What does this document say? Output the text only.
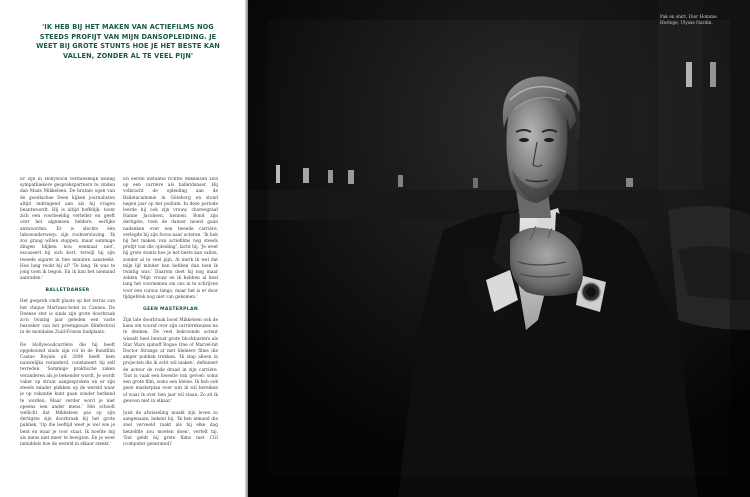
'IK HEB BIJ HET MAKEN VAN ACTIEFILMS NOG STEEDS PROFIJT VAN MIJN DANSOPLEIDING. JE WEET BIJ GROTE STUNTS HOE JE HET BESTE KAN VALLEN, ZONDER AL TE VEEL PIJN'

Er zijn in Hollywood vermoedelijk weinig sympathiekere gesprekspartners te vinden dan Mads Mikkelsen. De brutale ogen van de goedlachse Deen kijken journalisten altijd indringend aan als hij vragen beantwoordt. Hij is altijd hoffelijk, toont zich een voorbeeldig verteller en geeft over het algemeen heldere, eerlijke antwoorden. Er is slechts één taboeonderwerp: zijn rookverslaving. 'Ik zou graag willen stoppen, maar sommige dingen blijken nou eenmaal niet', excuseert hij zich kort, terwijl hij zijn tweede sigaret in tien minuten aansteekt. Hoe lang rookt hij al? 'Te lang. Ik was te jong toen ik begon. En ik kan het niemand aanraden.'

BALLETDANSER

Het gesprek vindt plaats op het terras van het chique Martinez-hotel in Cannes. De Deense ster is sinds zijn grote doorbraak zo'n twintig jaar geleden een vaste bezoeker van het prestigieuze filmfestival in de mondaine Zuid-Franse badplaats.

De Hollywoodcarrière die hij heeft opgebouwd sinds zijn rol in de Bondfilm Casino Royale uit 2006 heeft hem nauwelijks veranderd, constateert hij zelf tevreden. 'Sommige praktische zaken veranderen als je bekender wordt. Je wordt vaker op straat aangesproken en er zijn steeds minder plekken op de wereld waar je op vakantie kunt gaan zonder herkend te worden. Maar verder word je niet opeens een ander mens.' Het schoolt wellicht dat Mikkelsen pas op zijn dertigste zijn doorbraak bij het grote publiek. 'Op die leeftijd weet je wel wie je bent en waar je voor staat. Ik hoefde mij als mens niet meer te bewijzen. En je weet inmiddels hoe de wereld in elkaar steekt.'

En eerste instantie richtte Mikkelsen zich op een carrière als balletdanser. Hij volbracht de opleiding aan de Balletacademie in Göteborg en stond negen jaar op het podium. In deze periode leerde hij ook zijn vrouw, choreograaf Hanne Jacobsen, kennen. Rond zijn dertigste, toen de danser moest gaan nadenken over een tweede carrière, verlegde hij zijn focus naar acteren. 'Ik heb bij het maken van actiefilms nog steeds profijt van die opleiding', lacht hij. 'Je weet bij grote stunts hoe je het beste kan vallen, zonder al te veel pijn. Al merk ik wel dat mijn lijf minder kan hebben dan toen ik twintig was.' Daarom doet hij nog maar zelden 'Mijn vrouw en ik hebben al heel lang het voornemen om ons in te schrijven voor een cursus tango, maar het is er door tijdgebrek nog niet van gekomen.'

GEEN MASTERPLAN

Zijn late doorbraak bood Mikkelsen ook de kans om vooraf over zijn carrièrekeuzes na te denken. De veel bekroonde acteur wisselt heel bewust grote blockbusters als Star Wars spinoff Rogue One of Marvel-hit Doctor Strange af met kleinere films die amper publiek trekken. 'Ik stap alleen in projecten die ik echt wil maken', definieert de acteur de rode draad in zijn carrière. 'Dat is vaak een kwestie van gevoel: soms een grote film, soms een kleine. Ik heb ook geen masterplan over wat ik wil bereiken of waar ik over tien jaar wil staan. Zo zit ik gewoon niet in elkaar.'

Juist de afwisseling maakt zijn leven zo aangenaam, bekent hij. 'Ik ben iemand die snel verveeld raakt als hij elke dag hetzelfde zou moeten doen', vertelt hij. 'Dat geldt bij grote films met CGI (computer generated)'

Pak en shirt, Dior Homme.
Horloge, Ulysse Nardin.
